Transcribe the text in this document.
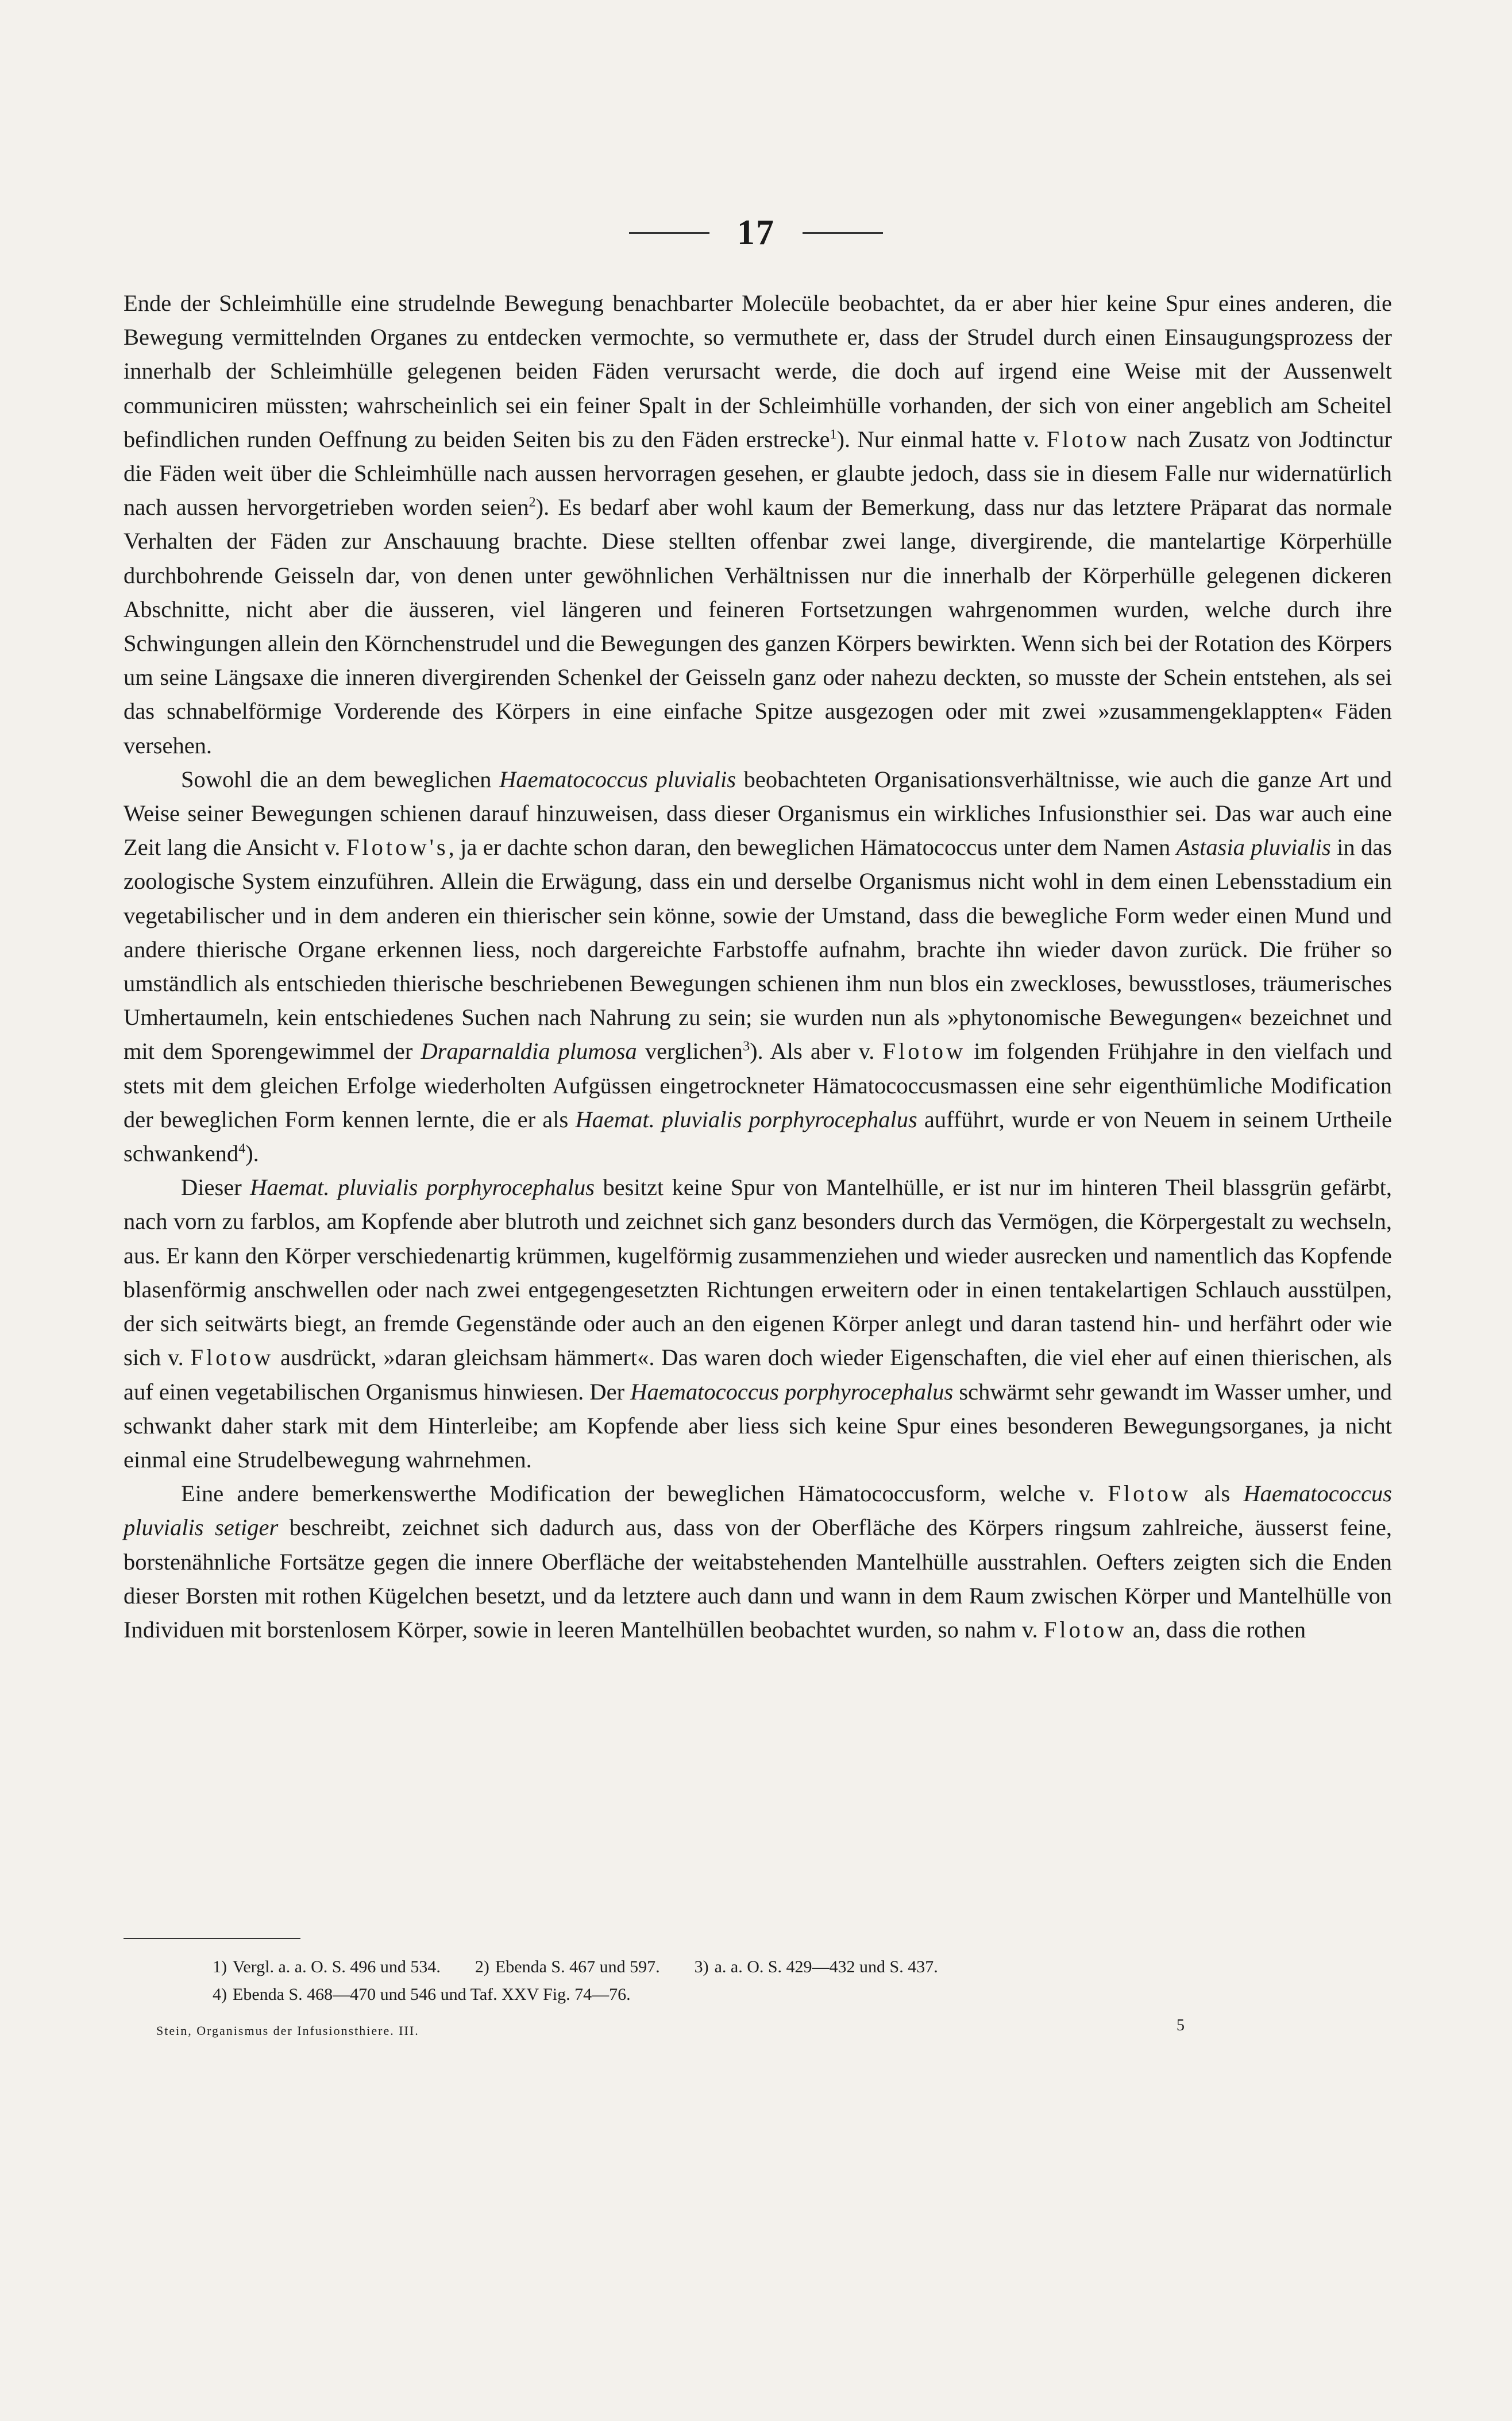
17

Ende der Schleimhülle eine strudelnde Bewegung benachbarter Molecüle beobachtet, da er aber hier keine Spur eines anderen, die Bewegung vermittelnden Organes zu entdecken vermochte, so vermuthete er, dass der Strudel durch einen Einsaugungsprozess der innerhalb der Schleimhülle gelegenen beiden Fäden verursacht werde, die doch auf irgend eine Weise mit der Aussenwelt communiciren müssten; wahrscheinlich sei ein feiner Spalt in der Schleimhülle vorhanden, der sich von einer angeblich am Scheitel befindlichen runden Oeffnung zu beiden Seiten bis zu den Fäden erstrecke$^1$). Nur einmal hatte v. Flotow nach Zusatz von Jodtinctur die Fäden weit über die Schleimhülle nach aussen hervorragen gesehen, er glaubte jedoch, dass sie in diesem Falle nur widernatürlich nach aussen hervorgetrieben worden seien$^2$). Es bedarf aber wohl kaum der Bemerkung, dass nur das letztere Präparat das normale Verhalten der Fäden zur Anschauung brachte. Diese stellten offenbar zwei lange, divergirende, die mantelartige Körperhülle durchbohrende Geisseln dar, von denen unter gewöhnlichen Verhältnissen nur die innerhalb der Körperhülle gelegenen dickeren Abschnitte, nicht aber die äusseren, viel längeren und feineren Fortsetzungen wahrgenommen wurden, welche durch ihre Schwingungen allein den Körnchenstrudel und die Bewegungen des ganzen Körpers bewirkten. Wenn sich bei der Rotation des Körpers um seine Längsaxe die inneren divergirenden Schenkel der Geisseln ganz oder nahezu deckten, so musste der Schein entstehen, als sei das schnabelförmige Vorderende des Körpers in eine einfache Spitze ausgezogen oder mit zwei »zusammengeklappten« Fäden versehen.

Sowohl die an dem beweglichen Haematococcus pluvialis beobachteten Organisationsverhältnisse, wie auch die ganze Art und Weise seiner Bewegungen schienen darauf hinzuweisen, dass dieser Organismus ein wirkliches Infusionsthier sei. Das war auch eine Zeit lang die Ansicht v. Flotow's, ja er dachte schon daran, den beweglichen Hämatococcus unter dem Namen Astasia pluvialis in das zoologische System einzuführen. Allein die Erwägung, dass ein und derselbe Organismus nicht wohl in dem einen Lebensstadium ein vegetabilischer und in dem anderen ein thierischer sein könne, sowie der Umstand, dass die bewegliche Form weder einen Mund und andere thierische Organe erkennen liess, noch dargereichte Farbstoffe aufnahm, brachte ihn wieder davon zurück. Die früher so umständlich als entschieden thierische beschriebenen Bewegungen schienen ihm nun blos ein zweckloses, bewusstloses, träumerisches Umhertaumeln, kein entschiedenes Suchen nach Nahrung zu sein; sie wurden nun als »phytonomische Bewegungen« bezeichnet und mit dem Sporengewimmel der Draparnaldia plumosa verglichen$^3$). Als aber v. Flotow im folgenden Frühjahre in den vielfach und stets mit dem gleichen Erfolge wiederholten Aufgüssen eingetrockneter Hämatococcusmassen eine sehr eigenthümliche Modification der beweglichen Form kennen lernte, die er als Haemat. pluvialis porphyrocephalus aufführt, wurde er von Neuem in seinem Urtheile schwankend$^4$).

Dieser Haemat. pluvialis porphyrocephalus besitzt keine Spur von Mantelhülle, er ist nur im hinteren Theil blassgrün gefärbt, nach vorn zu farblos, am Kopfende aber blutroth und zeichnet sich ganz besonders durch das Vermögen, die Körpergestalt zu wechseln, aus. Er kann den Körper verschiedenartig krümmen, kugelförmig zusammenziehen und wieder ausrecken und namentlich das Kopfende blasenförmig anschwellen oder nach zwei entgegengesetzten Richtungen erweitern oder in einen tentakelartigen Schlauch ausstülpen, der sich seitwärts biegt, an fremde Gegenstände oder auch an den eigenen Körper anlegt und daran tastend hin- und herfährt oder wie sich v. Flotow ausdrückt, »daran gleichsam hämmert«. Das waren doch wieder Eigenschaften, die viel eher auf einen thierischen, als auf einen vegetabilischen Organismus hinwiesen. Der Haematococcus porphyrocephalus schwärmt sehr gewandt im Wasser umher, und schwankt daher stark mit dem Hinterleibe; am Kopfende aber liess sich keine Spur eines besonderen Bewegungsorganes, ja nicht einmal eine Strudelbewegung wahrnehmen.

Eine andere bemerkenswerthe Modification der beweglichen Hämatococcusform, welche v. Flotow als Haematococcus pluvialis setiger beschreibt, zeichnet sich dadurch aus, dass von der Oberfläche des Körpers ringsum zahlreiche, äusserst feine, borstenähnliche Fortsätze gegen die innere Oberfläche der weitabstehenden Mantelhülle ausstrahlen. Oefters zeigten sich die Enden dieser Borsten mit rothen Kügelchen besetzt, und da letztere auch dann und wann in dem Raum zwischen Körper und Mantelhülle von Individuen mit borstenlosem Körper, sowie in leeren Mantelhüllen beobachtet wurden, so nahm v. Flotow an, dass die rothen

1) Vergl. a. a. O. S. 496 und 534. 2) Ebenda S. 467 und 597. 3) a. a. O. S. 429—432 und S. 437.
4) Ebenda S. 468—470 und 546 und Taf. XXV Fig. 74—76.
Stein, Organismus der Infusionsthiere. III.	5
